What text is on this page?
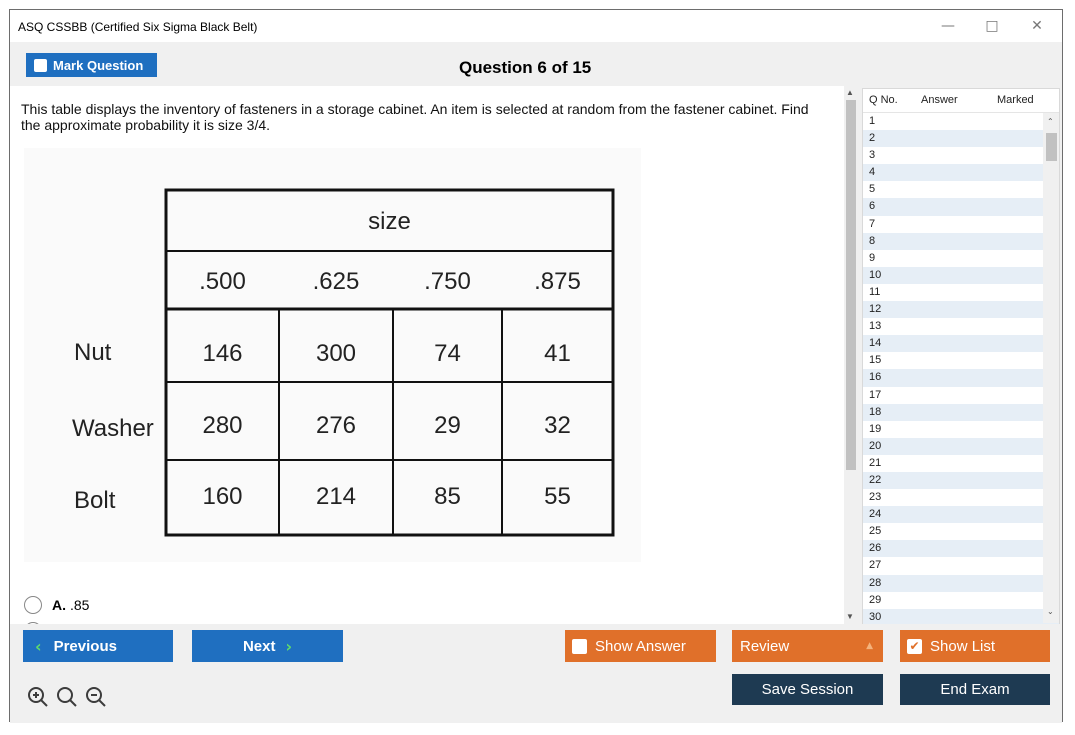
ASQ CSSBB (Certified Six Sigma Black Belt)	—	□	✕
Mark Question	Question 6 of 15
This table displays the inventory of fasteners in a storage cabinet. An item is selected at random from the fastener cabinet. Find the approximate probability it is size 3/4.
size
.500	.625	.750	.875
Nut	146	300	74	41
Washer	280	276	29	32
Bolt	160	214	85	55
A. .85
▲
▼
Q No. Answer	Marked
1
2
3
4
5
6
7
8
9
10
11
12
13
14
15
16
17
18
19
20
21
22
23
24
25
26
27
28
29
30
⌃
⌄
‹ Previous	Next ›	Show Answer	Review	▲	✔ Show List
Save Session	End Exam
